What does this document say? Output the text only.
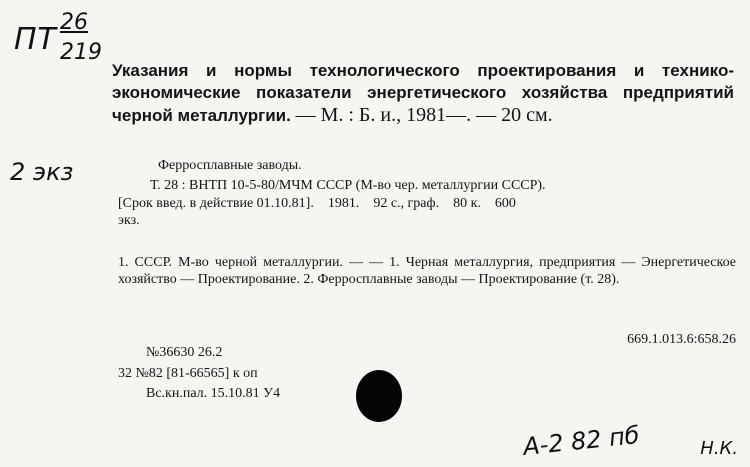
ПТ 26
219
2 экз
Указания и нормы технологического проектирования и технико-экономические показатели энергетического хозяйства предприятий черной металлургии. — М. : Б. и., 1981—. — 20 см.
Ферросплавные заводы.
Т. 28 : ВНТП 10-5-80/МЧМ СССР (М-во чер. металлургии СССР).
[Срок введ. в действие 01.10.81].    1981.    92 с., граф.    80 к.    600
экз.
1. СССР. М-во черной металлургии. — — 1. Черная металлургия, предприятия — Энергетическое хозяйство — Проектирование. 2. Ферросплавные заводы — Проектирование (т. 28).
669.1.013.6:658.26
№36630 26.2
32 №82 [81-66565] к оп
Вс.кн.пал. 15.10.81 У4
А-2 82 пб	Н.К.
